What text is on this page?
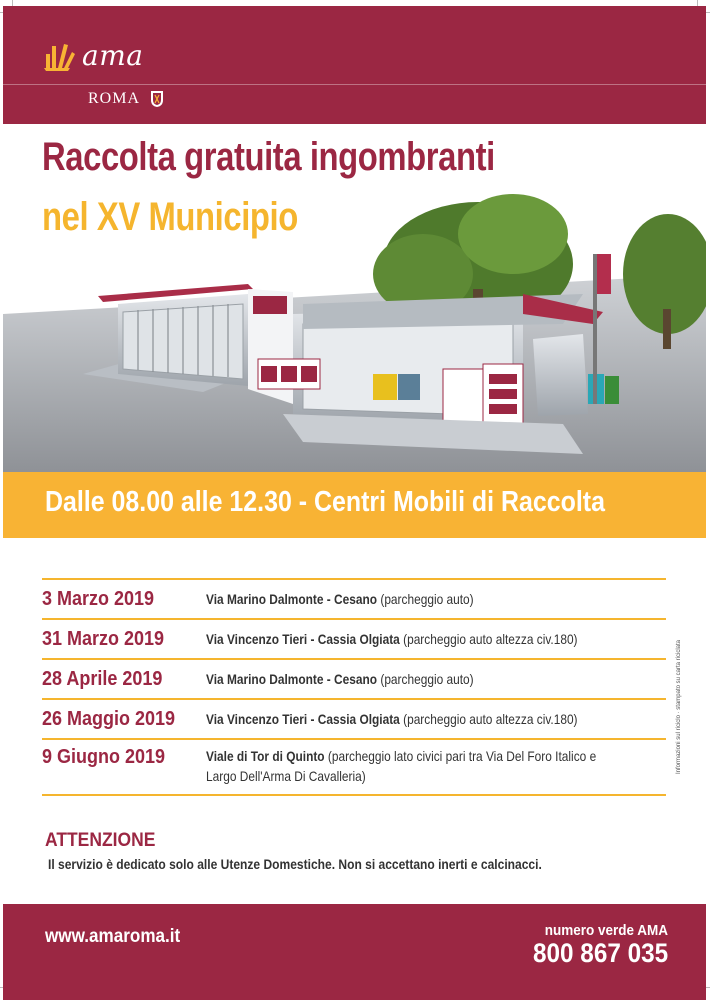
ama
ROMA
Raccolta gratuita ingombranti
nel XV Municipio
Dalle 08.00 alle 12.30 - Centri Mobili di Raccolta
3 Marzo 2019	Via Marino Dalmonte - Cesano (parcheggio auto)
31 Marzo 2019	Via Vincenzo Tieri - Cassia Olgiata (parcheggio auto altezza civ.180)
28 Aprile 2019	Via Marino Dalmonte - Cesano (parcheggio auto)
26 Maggio 2019	Via Vincenzo Tieri - Cassia Olgiata (parcheggio auto altezza civ.180)
9 Giugno 2019	Viale di Tor di Quinto (parcheggio lato civici pari tra Via Del Foro Italico e Largo Dell'Arma Di Cavalleria)
Informazioni sul riciclo · stampato su carta riciclata
ATTENZIONE
Il servizio è dedicato solo alle Utenze Domestiche. Non si accettano inerti e calcinacci.
www.amaroma.it	numero verde AMA
800 867 035
